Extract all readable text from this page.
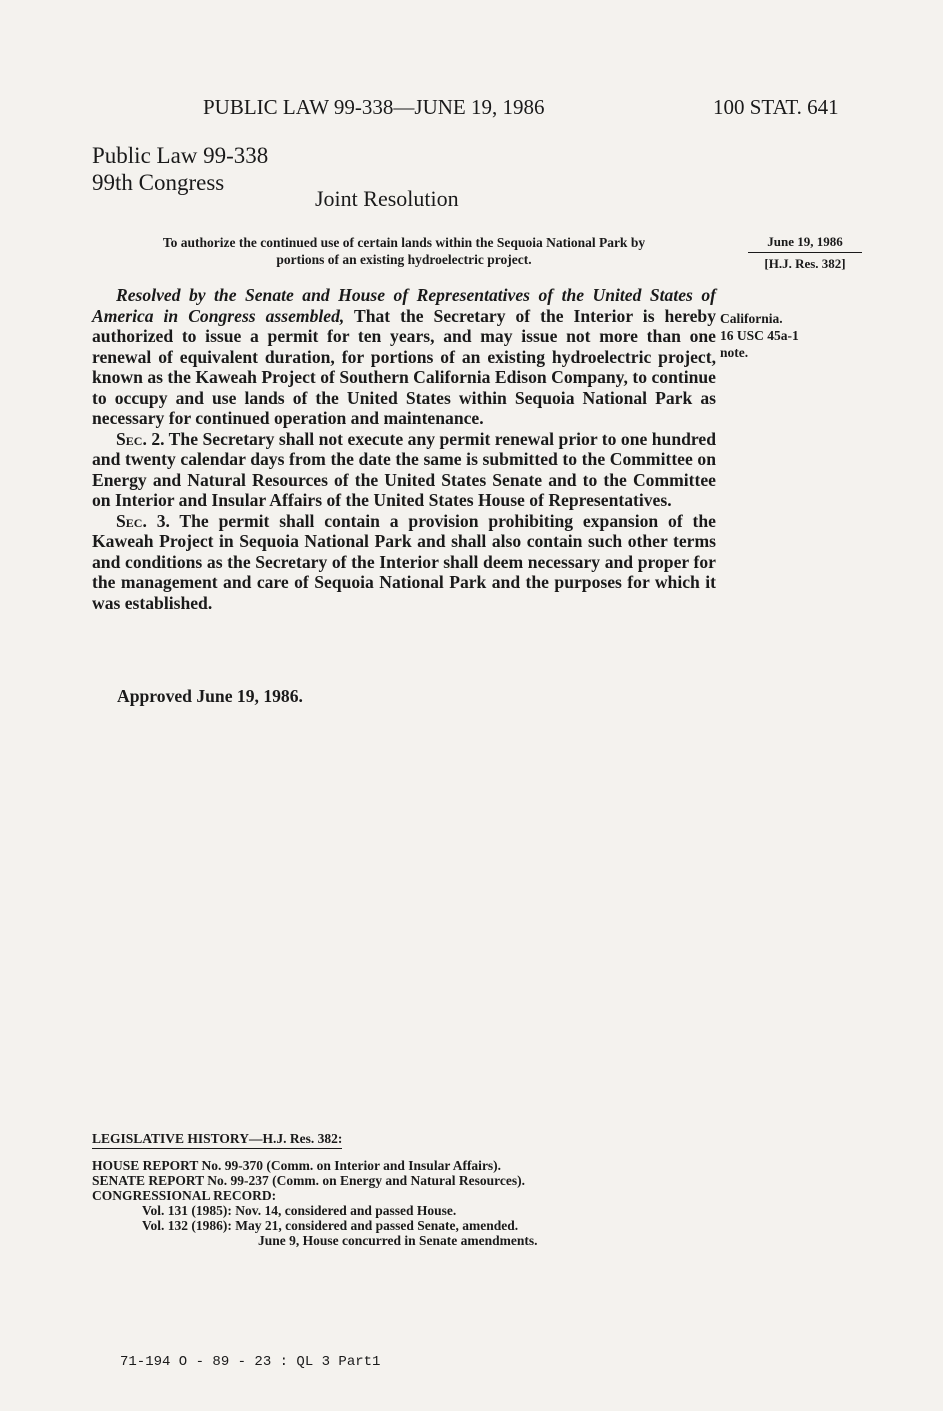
PUBLIC LAW 99-338—JUNE 19, 1986	100 STAT. 641
Public Law 99-338
99th Congress
Joint Resolution
To authorize the continued use of certain lands within the Sequoia National Park by
portions of an existing hydroelectric project.
June 19, 1986
[H.J. Res. 382]

Resolved by the Senate and House of Representatives of the United States of America in Congress assembled, That the Secretary of the Interior is hereby authorized to issue a permit for ten years, and may issue not more than one renewal of equivalent duration, for portions of an existing hydroelectric project, known as the Kaweah Project of Southern California Edison Company, to continue to occupy and use lands of the United States within Sequoia National Park as necessary for continued operation and maintenance.

Sec. 2. The Secretary shall not execute any permit renewal prior to one hundred and twenty calendar days from the date the same is submitted to the Committee on Energy and Natural Resources of the United States Senate and to the Committee on Interior and Insular Affairs of the United States House of Representatives.

Sec. 3. The permit shall contain a provision prohibiting expansion of the Kaweah Project in Sequoia National Park and shall also contain such other terms and conditions as the Secretary of the Interior shall deem necessary and proper for the management and care of Sequoia National Park and the purposes for which it was established.

California.
16 USC 45a-1
note.
Approved June 19, 1986.
LEGISLATIVE HISTORY—H.J. Res. 382:
HOUSE REPORT No. 99-370 (Comm. on Interior and Insular Affairs).
SENATE REPORT No. 99-237 (Comm. on Energy and Natural Resources).
CONGRESSIONAL RECORD:
Vol. 131 (1985): Nov. 14, considered and passed House.
Vol. 132 (1986): May 21, considered and passed Senate, amended.
June 9, House concurred in Senate amendments.
71-194 O - 89 - 23 : QL 3 Part1
